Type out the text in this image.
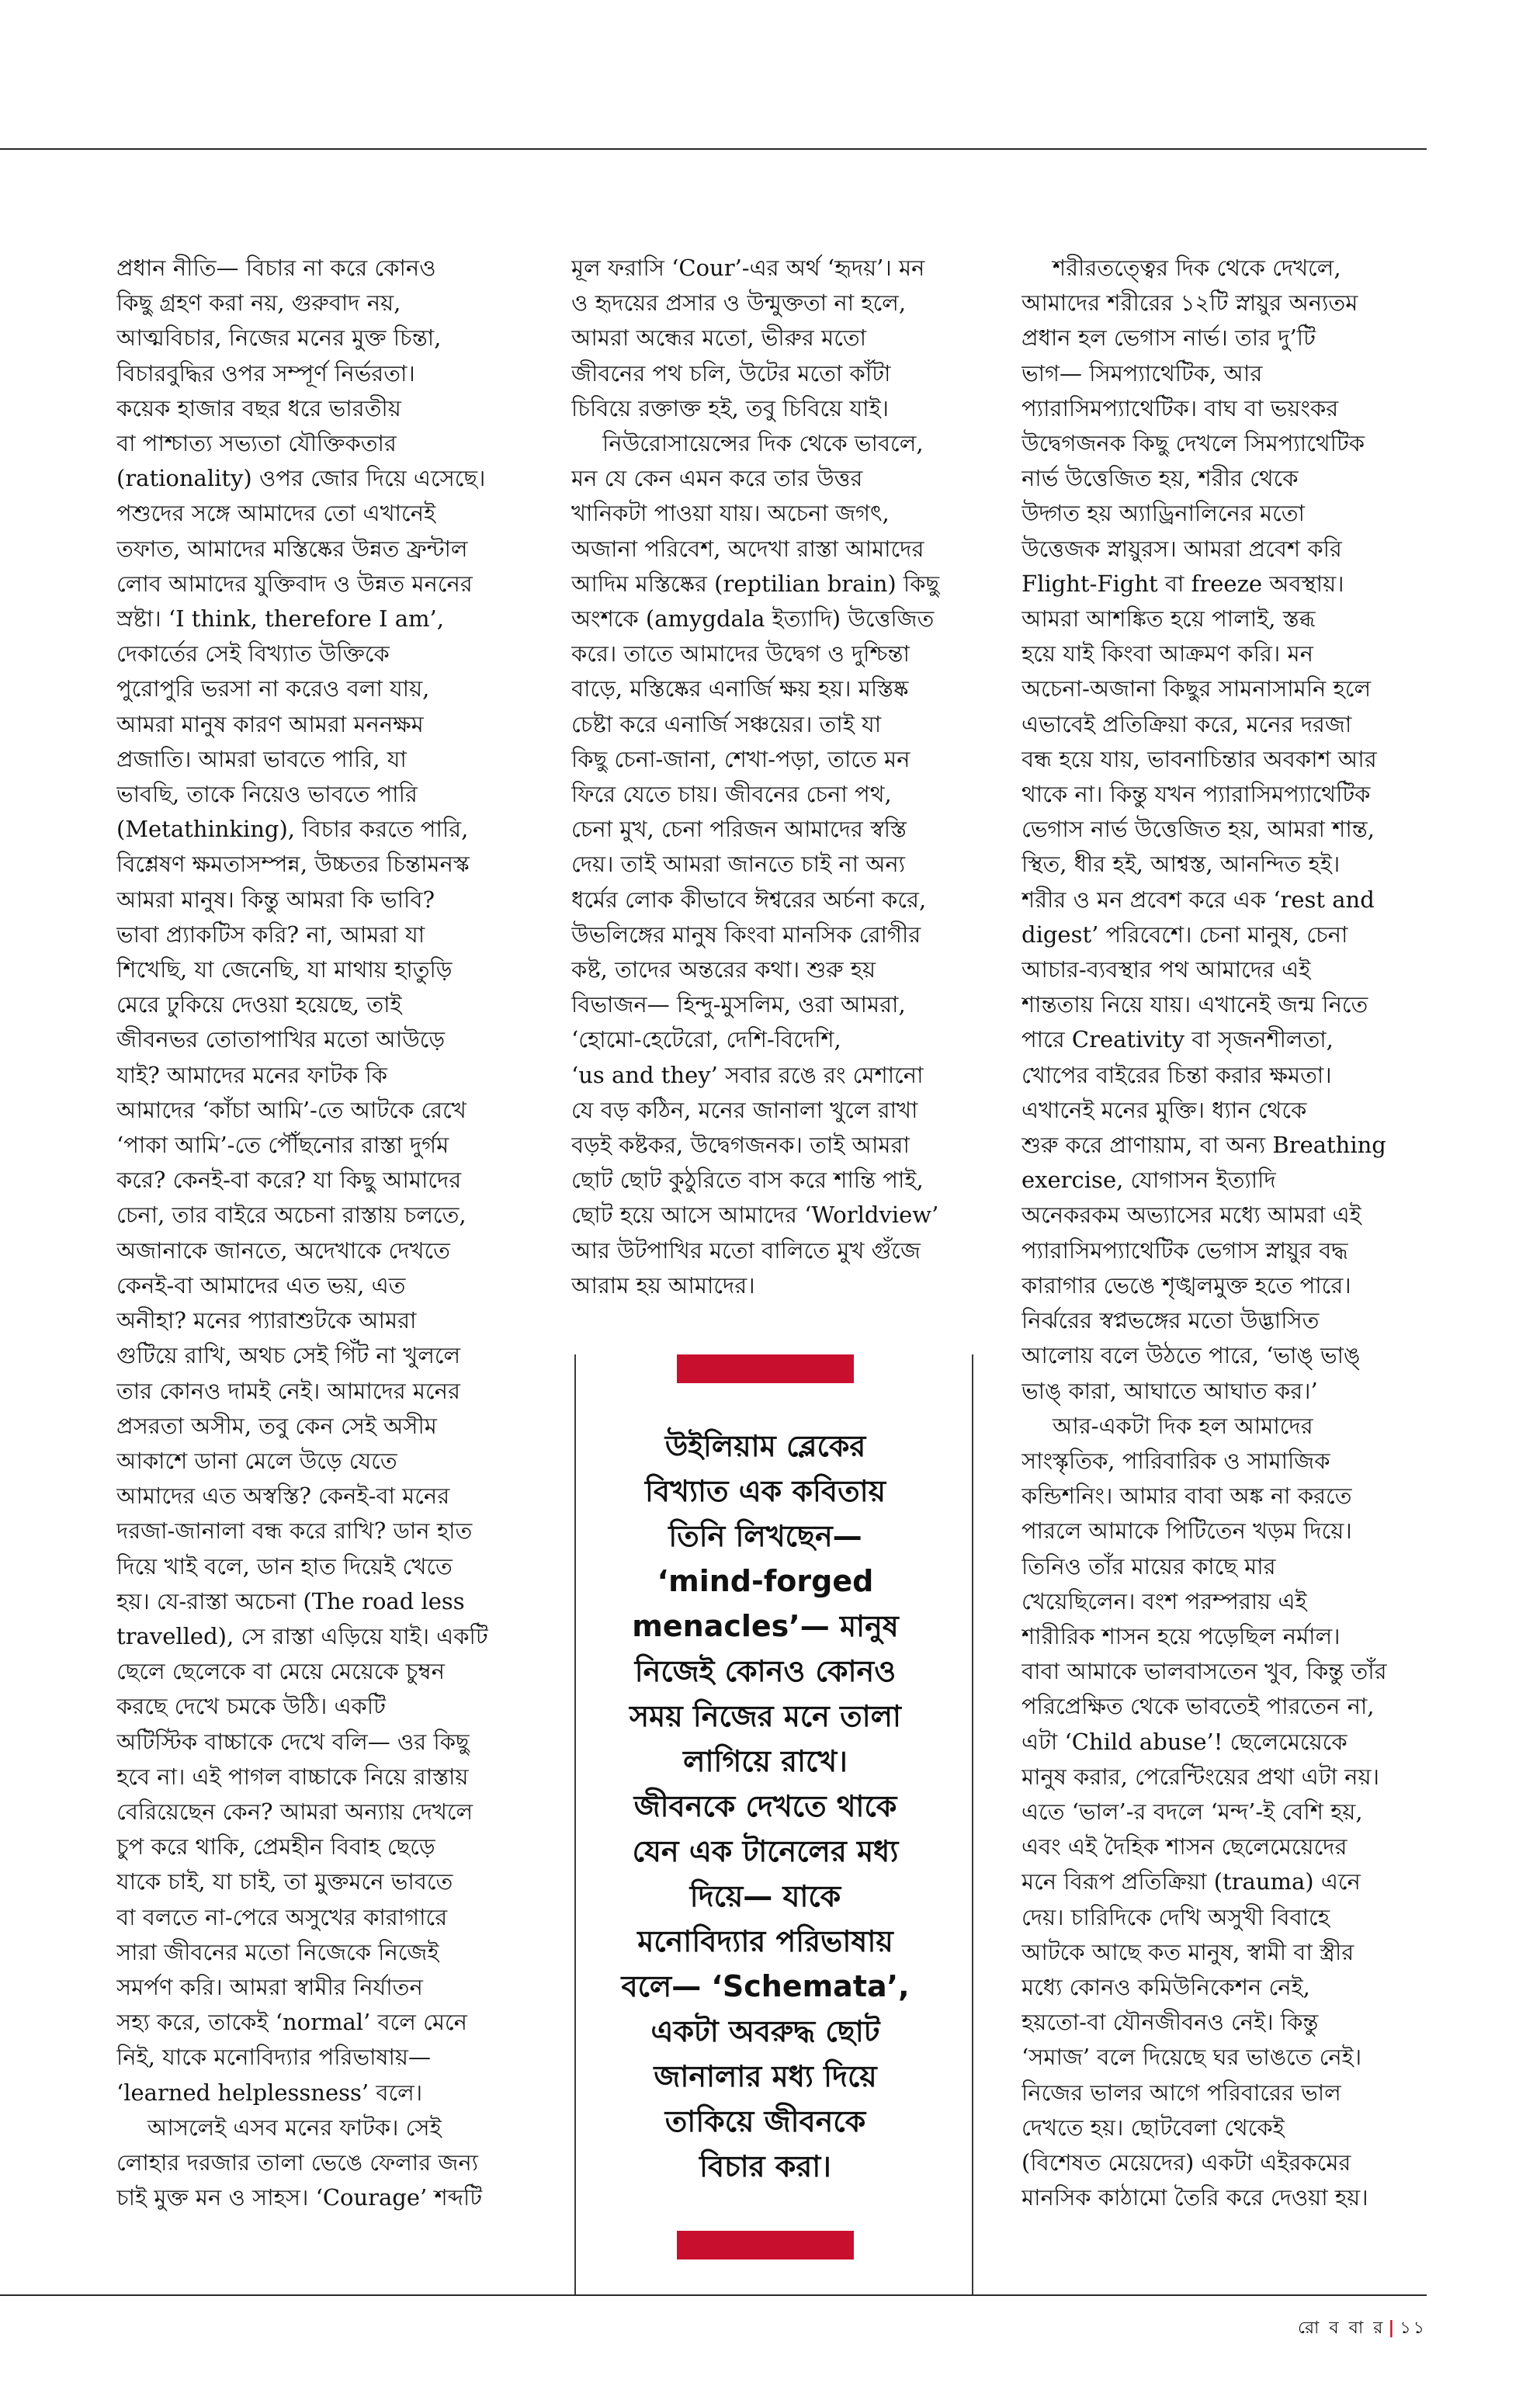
প্রধান নীতি— বিচার না করে কোনও
কিছু গ্রহণ করা নয়, গুরুবাদ নয়,
আত্মবিচার, নিজের মনের মুক্ত চিন্তা,
বিচারবুদ্ধির ওপর সম্পূর্ণ নির্ভরতা।
কয়েক হাজার বছর ধরে ভারতীয়
বা পাশ্চাত্য সভ্যতা যৌক্তিকতার
(rationality) ওপর জোর দিয়ে এসেছে।
পশুদের সঙ্গে আমাদের তো এখানেই
তফাত, আমাদের মস্তিষ্কের উন্নত ফ্রন্টাল
লোব আমাদের যুক্তিবাদ ও উন্নত মননের
স্রষ্টা। ‘I think, therefore I am’,
দেকার্তের সেই বিখ্যাত উক্তিকে
পুরোপুরি ভরসা না করেও বলা যায়,
আমরা মানুষ কারণ আমরা মননক্ষম
প্রজাতি। আমরা ভাবতে পারি, যা
ভাবছি, তাকে নিয়েও ভাবতে পারি
(Metathinking), বিচার করতে পারি,
বিশ্লেষণ ক্ষমতাসম্পন্ন, উচ্চতর চিন্তামনস্ক
আমরা মানুষ। কিন্তু আমরা কি ভাবি?
ভাবা প্র্যাকটিস করি? না, আমরা যা
শিখেছি, যা জেনেছি, যা মাথায় হাতুড়ি
মেরে ঢুকিয়ে দেওয়া হয়েছে, তাই
জীবনভর তোতাপাখির মতো আউড়ে
যাই? আমাদের মনের ফাটক কি
আমাদের ‘কাঁচা আমি’-তে আটকে রেখে
‘পাকা আমি’-তে পৌঁছনোর রাস্তা দুর্গম
করে? কেনই-বা করে? যা কিছু আমাদের
চেনা, তার বাইরে অচেনা রাস্তায় চলতে,
অজানাকে জানতে, অদেখাকে দেখতে
কেনই-বা আমাদের এত ভয়, এত
অনীহা? মনের প্যারাশুটকে আমরা
গুটিয়ে রাখি, অথচ সেই গিঁট না খুললে
তার কোনও দামই নেই। আমাদের মনের
প্রসরতা অসীম, তবু কেন সেই অসীম
আকাশে ডানা মেলে উড়ে যেতে
আমাদের এত অস্বস্তি? কেনই-বা মনের
দরজা-জানালা বন্ধ করে রাখি? ডান হাত
দিয়ে খাই বলে, ডান হাত দিয়েই খেতে
হয়। যে-রাস্তা অচেনা (The road less
travelled), সে রাস্তা এড়িয়ে যাই। একটি
ছেলে ছেলেকে বা মেয়ে মেয়েকে চুম্বন
করছে দেখে চমকে উঠি। একটি
অটিস্টিক বাচ্চাকে দেখে বলি— ওর কিছু
হবে না। এই পাগল বাচ্চাকে নিয়ে রাস্তায়
বেরিয়েছেন কেন? আমরা অন্যায় দেখলে
চুপ করে থাকি, প্রেমহীন বিবাহ ছেড়ে
যাকে চাই, যা চাই, তা মুক্তমনে ভাবতে
বা বলতে না-পেরে অসুখের কারাগারে
সারা জীবনের মতো নিজেকে নিজেই
সমর্পণ করি। আমরা স্বামীর নির্যাতন
সহ্য করে, তাকেই ‘normal’ বলে মেনে
নিই, যাকে মনোবিদ্যার পরিভাষায়—
‘learned helplessness’ বলে।
আসলেই এসব মনের ফাটক। সেই
লোহার দরজার তালা ভেঙে ফেলার জন্য
চাই মুক্ত মন ও সাহস। ‘Courage’ শব্দটি
মূল ফরাসি ‘Cour’-এর অর্থ ‘হৃদয়’। মন
ও হৃদয়ের প্রসার ও উন্মুক্ততা না হলে,
আমরা অন্ধের মতো, ভীরুর মতো
জীবনের পথ চলি, উটের মতো কাঁটা
চিবিয়ে রক্তাক্ত হই, তবু চিবিয়ে যাই।
নিউরোসায়েন্সের দিক থেকে ভাবলে,
মন যে কেন এমন করে তার উত্তর
খানিকটা পাওয়া যায়। অচেনা জগৎ,
অজানা পরিবেশ, অদেখা রাস্তা আমাদের
আদিম মস্তিষ্কের (reptilian brain) কিছু
অংশকে (amygdala ইত্যাদি) উত্তেজিত
করে। তাতে আমাদের উদ্বেগ ও দুশ্চিন্তা
বাড়ে, মস্তিষ্কের এনার্জি ক্ষয় হয়। মস্তিষ্ক
চেষ্টা করে এনার্জি সঞ্চয়ের। তাই যা
কিছু চেনা-জানা, শেখা-পড়া, তাতে মন
ফিরে যেতে চায়। জীবনের চেনা পথ,
চেনা মুখ, চেনা পরিজন আমাদের স্বস্তি
দেয়। তাই আমরা জানতে চাই না অন্য
ধর্মের লোক কীভাবে ঈশ্বরের অর্চনা করে,
উভলিঙ্গের মানুষ কিংবা মানসিক রোগীর
কষ্ট, তাদের অন্তরের কথা। শুরু হয়
বিভাজন— হিন্দু-মুসলিম, ওরা আমরা,
‘হোমো-হেটেরো, দেশি-বিদেশি,
‘us and they’ সবার রঙে রং মেশানো
যে বড় কঠিন, মনের জানালা খুলে রাখা
বড়ই কষ্টকর, উদ্বেগজনক। তাই আমরা
ছোট ছোট কুঠুরিতে বাস করে শান্তি পাই,
ছোট হয়ে আসে আমাদের ‘Worldview’
আর উটপাখির মতো বালিতে মুখ গুঁজে
আরাম হয় আমাদের।
শরীরতত্ত্বের দিক থেকে দেখলে,
আমাদের শরীরের ১২টি স্নায়ুর অন্যতম
প্রধান হল ভেগাস নার্ভ। তার দু’টি
ভাগ— সিমপ্যাথেটিক, আর
প্যারাসিমপ্যাথেটিক। বাঘ বা ভয়ংকর
উদ্বেগজনক কিছু দেখলে সিমপ্যাথেটিক
নার্ভ উত্তেজিত হয়, শরীর থেকে
উদ্গত হয় অ্যাড্রিনালিনের মতো
উত্তেজক স্নায়ুরস। আমরা প্রবেশ করি
Flight-Fight বা freeze অবস্থায়।
আমরা আশঙ্কিত হয়ে পালাই, স্তব্ধ
হয়ে যাই কিংবা আক্রমণ করি। মন
অচেনা-অজানা কিছুর সামনাসামনি হলে
এভাবেই প্রতিক্রিয়া করে, মনের দরজা
বন্ধ হয়ে যায়, ভাবনাচিন্তার অবকাশ আর
থাকে না। কিন্তু যখন প্যারাসিমপ্যাথেটিক
ভেগাস নার্ভ উত্তেজিত হয়, আমরা শান্ত,
স্থিত, ধীর হই, আশ্বস্ত, আনন্দিত হই।
শরীর ও মন প্রবেশ করে এক ‘rest and
digest’ পরিবেশে। চেনা মানুষ, চেনা
আচার-ব্যবস্থার পথ আমাদের এই
শান্ততায় নিয়ে যায়। এখানেই জন্ম নিতে
পারে Creativity বা সৃজনশীলতা,
খোপের বাইরের চিন্তা করার ক্ষমতা।
এখানেই মনের মুক্তি। ধ্যান থেকে
শুরু করে প্রাণায়াম, বা অন্য Breathing
exercise, যোগাসন ইত্যাদি
অনেকরকম অভ্যাসের মধ্যে আমরা এই
প্যারাসিমপ্যাথেটিক ভেগাস স্নায়ুর বদ্ধ
কারাগার ভেঙে শৃঙ্খলমুক্ত হতে পারে।
নির্ঝরের স্বপ্নভঙ্গের মতো উদ্ভাসিত
আলোয় বলে উঠতে পারে, ‘ভাঙ্ ভাঙ্
ভাঙ্ কারা, আঘাতে আঘাত কর।’
আর-একটা দিক হল আমাদের
সাংস্কৃতিক, পারিবারিক ও সামাজিক
কন্ডিশনিং। আমার বাবা অঙ্ক না করতে
পারলে আমাকে পিটিতেন খড়ম দিয়ে।
তিনিও তাঁর মায়ের কাছে মার
খেয়েছিলেন। বংশ পরম্পরায় এই
শারীরিক শাসন হয়ে পড়েছিল নর্মাল।
বাবা আমাকে ভালবাসতেন খুব, কিন্তু তাঁর
পরিপ্রেক্ষিত থেকে ভাবতেই পারতেন না,
এটা ‘Child abuse’! ছেলেমেয়েকে
মানুষ করার, পেরেন্টিংয়ের প্রথা এটা নয়।
এতে ‘ভাল’-র বদলে ‘মন্দ’-ই বেশি হয়,
এবং এই দৈহিক শাসন ছেলেমেয়েদের
মনে বিরূপ প্রতিক্রিয়া (trauma) এনে
দেয়। চারিদিকে দেখি অসুখী বিবাহে
আটকে আছে কত মানুষ, স্বামী বা স্ত্রীর
মধ্যে কোনও কমিউনিকেশন নেই,
হয়তো-বা যৌনজীবনও নেই। কিন্তু
‘সমাজ’ বলে দিয়েছে ঘর ভাঙতে নেই।
নিজের ভালর আগে পরিবারের ভাল
দেখতে হয়। ছোটবেলা থেকেই
(বিশেষত মেয়েদের) একটা এইরকমের
মানসিক কাঠামো তৈরি করে দেওয়া হয়।
উইলিয়াম ব্লেকের
বিখ্যাত এক কবিতায়
তিনি লিখছেন—
‘mind-forged
menacles’— মানুষ
নিজেই কোনও কোনও
সময় নিজের মনে তালা
লাগিয়ে রাখে।
জীবনকে দেখতে থাকে
যেন এক টানেলের মধ্য
দিয়ে— যাকে
মনোবিদ্যার পরিভাষায়
বলে— ‘Schemata’,
একটা অবরুদ্ধ ছোট
জানালার মধ্য দিয়ে
তাকিয়ে জীবনকে
বিচার করা।
রো ব বা র | ১১
